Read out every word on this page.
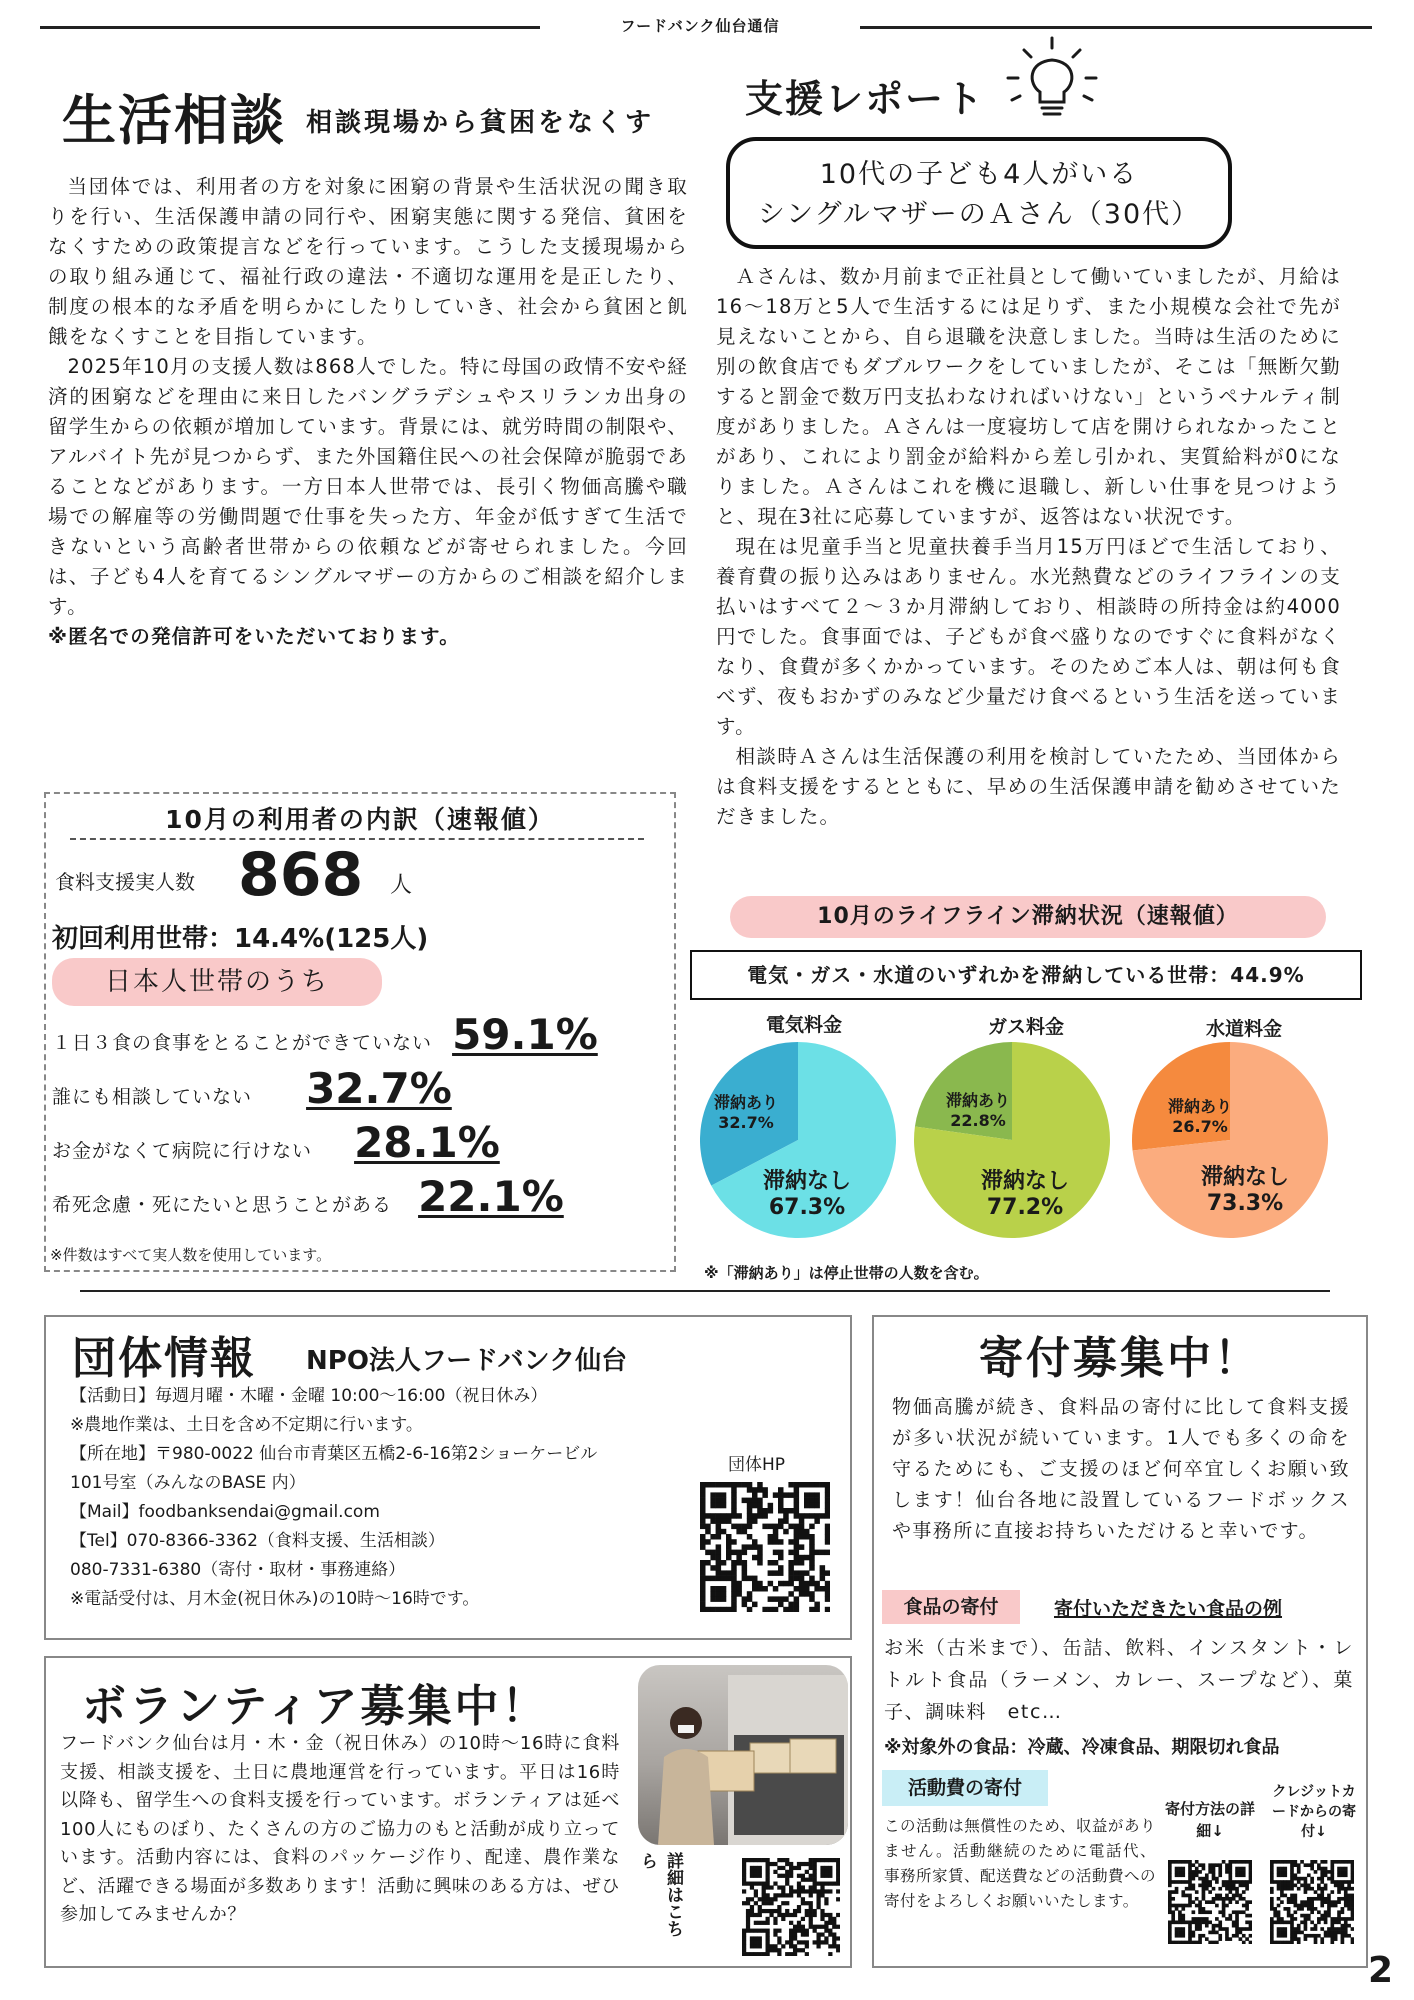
フードバンク仙台通信
生活相談 相談現場から貧困をなくす

当団体では、利用者の方を対象に困窮の背景や生活状況の聞き取りを行い、生活保護申請の同行や、困窮実態に関する発信、貧困をなくすための政策提言などを行っています。こうした支援現場からの取り組み通じて、福祉行政の違法・不適切な運用を是正したり、制度の根本的な矛盾を明らかにしたりしていき、社会から貧困と飢餓をなくすことを目指しています。

2025年10月の支援人数は868人でした。特に母国の政情不安や経済的困窮などを理由に来日したバングラデシュやスリランカ出身の留学生からの依頼が増加しています。背景には、就労時間の制限や、アルバイト先が見つからず、また外国籍住民への社会保障が脆弱であることなどがあります。一方日本人世帯では、長引く物価高騰や職場での解雇等の労働問題で仕事を失った方、年金が低すぎて生活できないという高齢者世帯からの依頼などが寄せられました。今回は、子ども4人を育てるシングルマザーの方からのご相談を紹介します。

※匿名での発信許可をいただいております。
10月の利用者の内訳（速報値）
食料支援実人数 868 人
初回利用世帯：14.4%(125人)
日本人世帯のうち
１日３食の食事をとることができていない 59.1%
誰にも相談していない 32.7%
お金がなくて病院に行けない 28.1%
希死念慮・死にたいと思うことがある 22.1%
※件数はすべて実人数を使用しています。
支援レポート
10代の子ども4人がいる
シングルマザーのＡさん（30代）

Ａさんは、数か月前まで正社員として働いていましたが、月給は16〜18万と5人で生活するには足りず、また小規模な会社で先が見えないことから、自ら退職を決意しました。当時は生活のために別の飲食店でもダブルワークをしていましたが、そこは「無断欠勤すると罰金で数万円支払わなければいけない」というペナルティ制度がありました。Ａさんは一度寝坊して店を開けられなかったことがあり、これにより罰金が給料から差し引かれ、実質給料が0になりました。Ａさんはこれを機に退職し、新しい仕事を見つけようと、現在3社に応募していますが、返答はない状況です。

現在は児童手当と児童扶養手当月15万円ほどで生活しており、養育費の振り込みはありません。水光熱費などのライフラインの支払いはすべて２〜３か月滞納しており、相談時の所持金は約4000円でした。食事面では、子どもが食べ盛りなのですぐに食料がなくなり、食費が多くかかっています。そのためご本人は、朝は何も食べず、夜もおかずのみなど少量だけ食べるという生活を送っています。

相談時Ａさんは生活保護の利用を検討していたため、当団体からは食料支援をするとともに、早めの生活保護申請を勧めさせていただきました。

10月のライフライン滞納状況（速報値）
電気・ガス・水道のいずれかを滞納している世帯：44.9%
電気料金	ガス料金	水道料金
滞納あり
32.7%
滞納なし
67.3%
滞納あり
22.8%
滞納なし
77.2%
滞納あり
26.7%
滞納なし
73.3%
※「滞納あり」は停止世帯の人数を含む。
団体情報 NPO法人フードバンク仙台
【活動日】毎週月曜・木曜・金曜 10:00〜16:00（祝日休み）
※農地作業は、土日を含め不定期に行います。
【所在地】〒980-0022 仙台市青葉区五橋2-6-16第2ショーケービル
101号室（みんなのBASE 内）
【Mail】foodbanksendai@gmail.com
【Tel】070-8366-3362（食料支援、生活相談）
080-7331-6380（寄付・取材・事務連絡）
※電話受付は、月木金(祝日休み)の10時〜16時です。
団体HP
ボランティア募集中！
フードバンク仙台は月・木・金（祝日休み）の10時〜16時に食料支援、相談支援を、土日に農地運営を行っています。平日は16時以降も、留学生への食料支援を行っています。ボランティアは延べ100人にものぼり、たくさんの方のご協力のもと活動が成り立っています。活動内容には、食料のパッケージ作り、配達、農作業など、活躍できる場面が多数あります！活動に興味のある方は、ぜひ参加してみませんか？	詳細はこちら
寄付募集中！
物価高騰が続き、食料品の寄付に比して食料支援が多い状況が続いています。1人でも多くの命を守るためにも、ご支援のほど何卒宜しくお願い致します！仙台各地に設置しているフードボックスや事務所に直接お持ちいただけると幸いです。
食品の寄付	寄付いただきたい食品の例
お米（古米まで）、缶詰、飲料、インスタント・レトルト食品（ラーメン、カレー、スープなど）、菓子、調味料　etc…
※対象外の食品：冷蔵、冷凍食品、期限切れ食品
活動費の寄付
この活動は無償性のため、収益がありません。活動継続のために電話代、事務所家賃、配送費などの活動費への寄付をよろしくお願いいたします。
寄付方法の詳細↓
クレジットカードからの寄付↓
2
